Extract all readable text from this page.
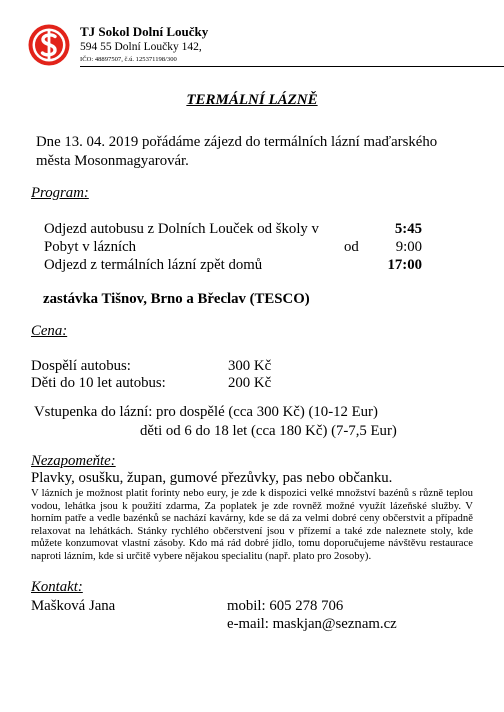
TJ Sokol Dolní Loučky
594 55 Dolní Loučky 142,
IČO: 48897507, č.ú. 125371198/300
TERMÁLNÍ LÁZNĚ
Dne 13. 04. 2019 pořádáme zájezd do termálních lázní maďarského města Mosonmagyarovár.
Program:
Odjezd autobusu z Dolních Louček od školy v	5:45
Pobyt v lázních	od 9:00
Odjezd z termálních lázní zpět domů	17:00
zastávka Tišnov, Brno a Břeclav (TESCO)
Cena:
Dospělí autobus:	300 Kč
Děti do 10 let autobus:	200 Kč
Vstupenka do lázní: pro dospělé (cca 300 Kč) (10-12 Eur)
děti od 6 do 18 let (cca 180 Kč) (7-7,5 Eur)
Nezapomeňte:
Plavky, osušku, župan, gumové přezůvky, pas nebo občanku.
V lázních je možnost platit forinty nebo eury, je zde k dispozici velké množství bazénů s různě teplou vodou, lehátka jsou k použití zdarma, Za poplatek je zde rovněž možné využít lázeňské služby. V horním patře a vedle bazénků se nachází kavárny, kde se dá za velmi dobré ceny občerstvit a případně relaxovat na lehátkách. Stánky rychlého občerstvení jsou v přízemí a také zde naleznete stoly, kde můžete konzumovat vlastní zásoby. Kdo má rád dobré jídlo, tomu doporučujeme návštěvu restaurace naproti lázním, kde si určitě vybere nějakou specialitu (např. plato pro 2osoby).
Kontakt:
Mašková Jana	mobil: 605 278 706
e-mail: maskjan@seznam.cz
